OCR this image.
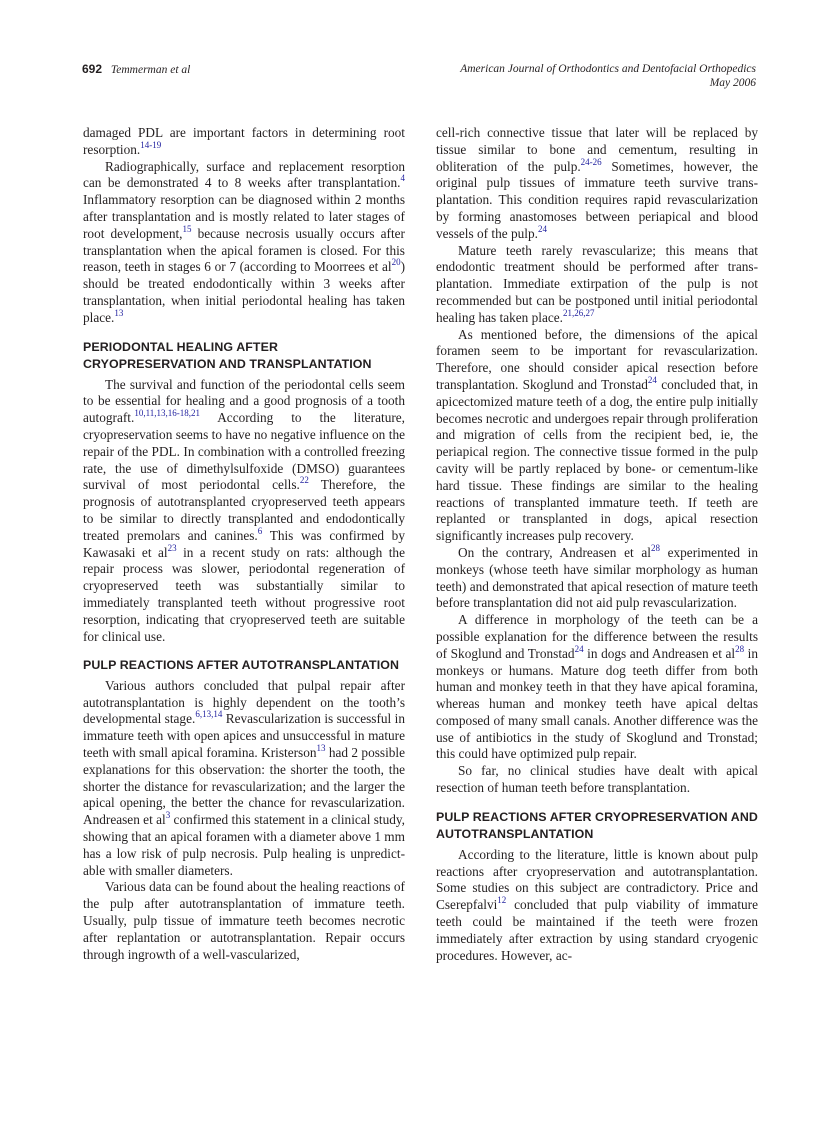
692 Temmerman et al	American Journal of Orthodontics and Dentofacial Orthopedics
May 2006

damaged PDL are important factors in determining root resorption.$^{14-19}$

Radiographically, surface and replacement resorption can be demonstrated 4 to 8 weeks after transplantation.$^4$ Inflammatory resorption can be diagnosed within 2 months after transplantation and is mostly related to later stages of root development,$^{15}$ because necrosis usually occurs after transplantation when the apical foramen is closed. For this reason, teeth in stages 6 or 7 (according to Moorrees et al$^{20}$) should be treated endodontically within 3 weeks after transplantation, when initial periodontal healing has taken place.$^{13}$

PERIODONTAL HEALING AFTER CRYOPRESERVATION AND TRANSPLANTATION

The survival and function of the periodontal cells seem to be essential for healing and a good prognosis of a tooth autograft.$^{10,11,13,16-18,21}$ According to the literature, cryopreservation seems to have no negative influence on the repair of the PDL. In combination with a controlled freezing rate, the use of dimethylsulfoxide (DMSO) guarantees survival of most periodontal cells.$^{22}$ Therefore, the prognosis of autotransplanted cryopreserved teeth appears to be similar to directly transplanted and endodontically treated premolars and canines.$^6$ This was confirmed by Kawasaki et al$^{23}$ in a recent study on rats: although the repair process was slower, periodontal regeneration of cryopreserved teeth was substantially similar to immediately transplanted teeth without progressive root resorption, indicating that cryopreserved teeth are suitable for clinical use.

PULP REACTIONS AFTER AUTOTRANSPLANTATION

Various authors concluded that pulpal repair after autotransplantation is highly dependent on the tooth’s developmental stage.$^{6,13,14}$ Revascularization is successful in immature teeth with open apices and unsuccessful in mature teeth with small apical foramina. Kristerson$^{13}$ had 2 possible explanations for this observation: the shorter the tooth, the shorter the distance for revascularization; and the larger the apical opening, the better the chance for revascularization. Andreasen et al$^3$ confirmed this statement in a clinical study, showing that an apical foramen with a diameter above 1 mm has a low risk of pulp necrosis. Pulp healing is unpredictable with smaller diameters.

Various data can be found about the healing reactions of the pulp after autotransplantation of immature teeth. Usually, pulp tissue of immature teeth becomes necrotic after replantation or autotransplantation. Repair occurs through ingrowth of a well-vascularized,

cell-rich connective tissue that later will be replaced by tissue similar to bone and cementum, resulting in obliteration of the pulp.$^{24-26}$ Sometimes, however, the original pulp tissues of immature teeth survive transplantation. This condition requires rapid revascularization by forming anastomoses between periapical and blood vessels of the pulp.$^{24}$

Mature teeth rarely revascularize; this means that endodontic treatment should be performed after transplantation. Immediate extirpation of the pulp is not recommended but can be postponed until initial periodontal healing has taken place.$^{21,26,27}$

As mentioned before, the dimensions of the apical foramen seem to be important for revascularization. Therefore, one should consider apical resection before transplantation. Skoglund and Tronstad$^{24}$ concluded that, in apicectomized mature teeth of a dog, the entire pulp initially becomes necrotic and undergoes repair through proliferation and migration of cells from the recipient bed, ie, the periapical region. The connective tissue formed in the pulp cavity will be partly replaced by bone- or cementum-like hard tissue. These findings are similar to the healing reactions of transplanted immature teeth. If teeth are replanted or transplanted in dogs, apical resection significantly increases pulp recovery.

On the contrary, Andreasen et al$^{28}$ experimented in monkeys (whose teeth have similar morphology as human teeth) and demonstrated that apical resection of mature teeth before transplantation did not aid pulp revascularization.

A difference in morphology of the teeth can be a possible explanation for the difference between the results of Skoglund and Tronstad$^{24}$ in dogs and Andreasen et al$^{28}$ in monkeys or humans. Mature dog teeth differ from both human and monkey teeth in that they have apical foramina, whereas human and monkey teeth have apical deltas composed of many small canals. Another difference was the use of antibiotics in the study of Skoglund and Tronstad; this could have optimized pulp repair.

So far, no clinical studies have dealt with apical resection of human teeth before transplantation.

PULP REACTIONS AFTER CRYOPRESERVATION AND AUTOTRANSPLANTATION

According to the literature, little is known about pulp reactions after cryopreservation and autotransplantation. Some studies on this subject are contradictory. Price and Cserepfalvi$^{12}$ concluded that pulp viability of immature teeth could be maintained if the teeth were frozen immediately after extraction by using standard cryogenic procedures. However, ac-
